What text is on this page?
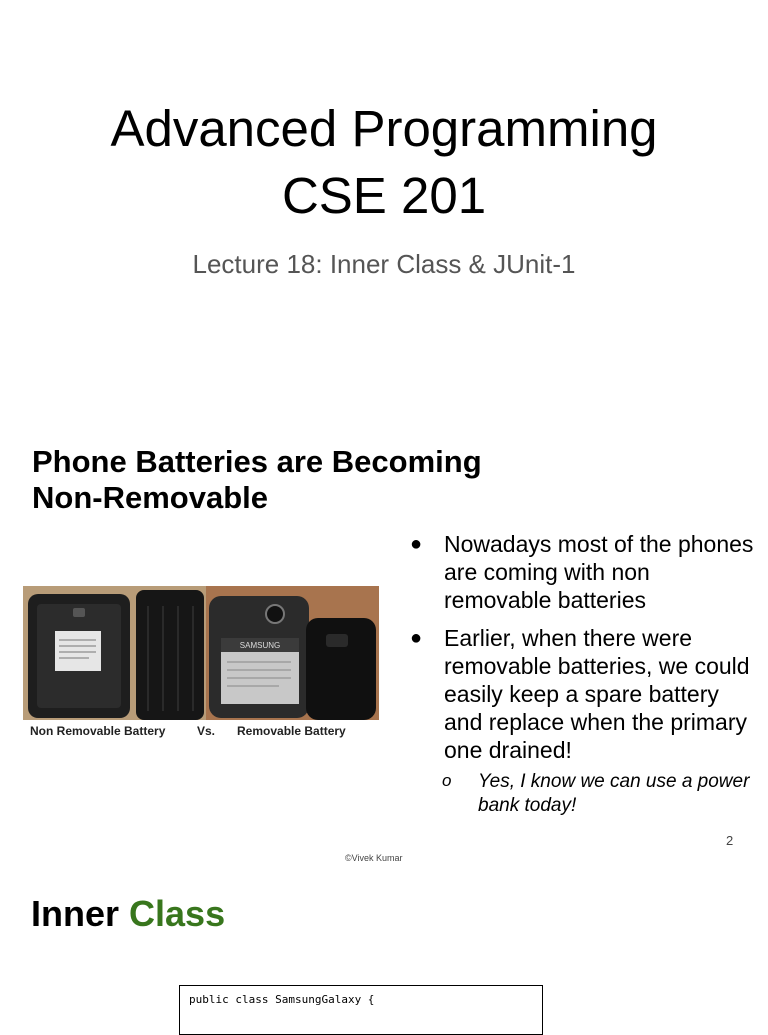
Advanced Programming
CSE 201
Lecture 18: Inner Class & JUnit-1
Phone Batteries are Becoming
Non-Removable
SAMSUNG
Non Removable Battery	Vs. Removable Battery
● Nowadays most of the phones are coming with non removable batteries
● Earlier, when there were removable batteries, we could easily keep a spare battery and replace when the primary one drained!
o Yes, I know we can use a power bank today!
2
©Vivek Kumar
Inner Class
public class SamsungGalaxy {
